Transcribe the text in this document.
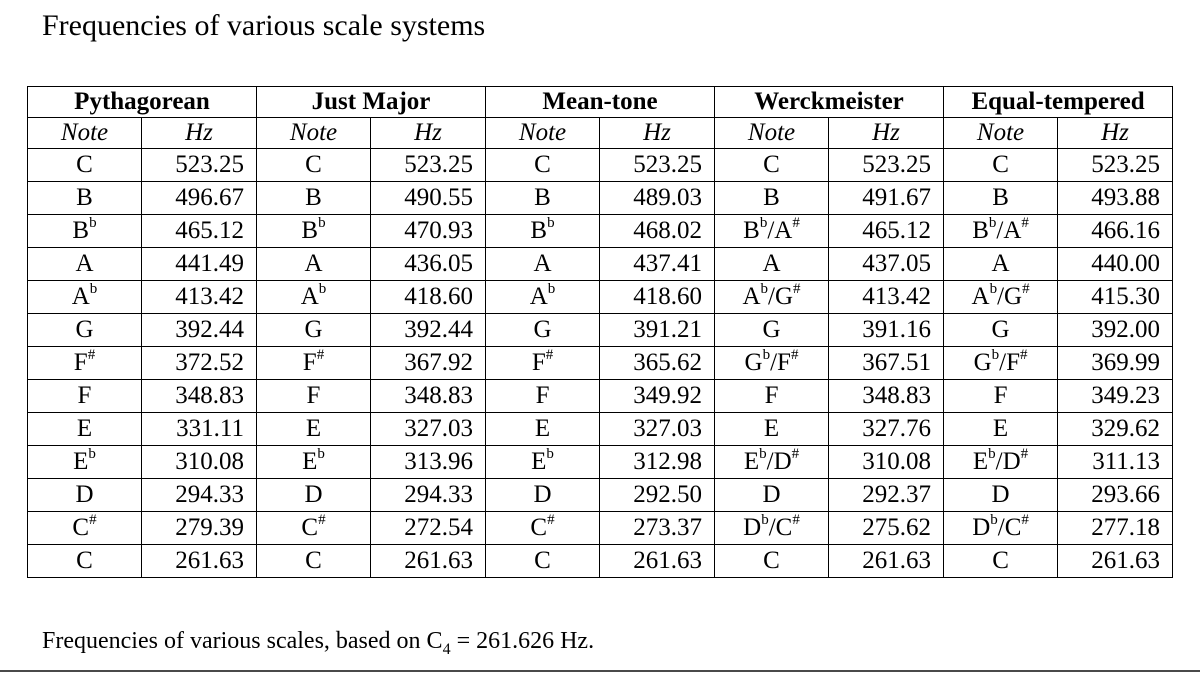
Frequencies of various scale systems
Pythagorean		Just Major		Mean-tone		Werckmeister		Equal-tempered	
Note	Hz	Note	Hz	Note	Hz	Note	Hz	Note	Hz
C	523.25	C	523.25	C	523.25	C	523.25	C	523.25
B	496.67	B	490.55	B	489.03	B	491.67	B	493.88
$B^b$	465.12	$B^b$	470.93	$B^b$	468.02	$B^b/A^{\#}$	465.12	$B^b/A^{\#}$	466.16
A	441.49	A	436.05	A	437.41	A	437.05	A	440.00
$A^b$	413.42	$A^b$	418.60	$A^b$	418.60	$A^b/G^{\#}$	413.42	$A^b/G^{\#}$	415.30
G	392.44	G	392.44	G	391.21	G	391.16	G	392.00
F#	372.52	F#	367.92	F#	365.62	$G^b/F^{\#}$	367.51	$G^b/F^{\#}$	369.99
F	348.83	F	348.83	F	349.92	F	348.83	F	349.23
E	331.11	E	327.03	E	327.03	E	327.76	E	329.62
$E^b$	310.08	$E^b$	313.96	$E^b$	312.98	$E^b/D^{\#}$	310.08	$E^b/D^{\#}$	311.13
D	294.33	D	294.33	D	292.50	D	292.37	D	293.66
C#	279.39	C#	272.54	C#	273.37	$D^b/C^{\#}$	275.62	$D^b/C^{\#}$	277.18
C	261.63	C	261.63	C	261.63	C	261.63	C	261.63
Frequencies of various scales, based on $C_4 = 261.626$ Hz.
